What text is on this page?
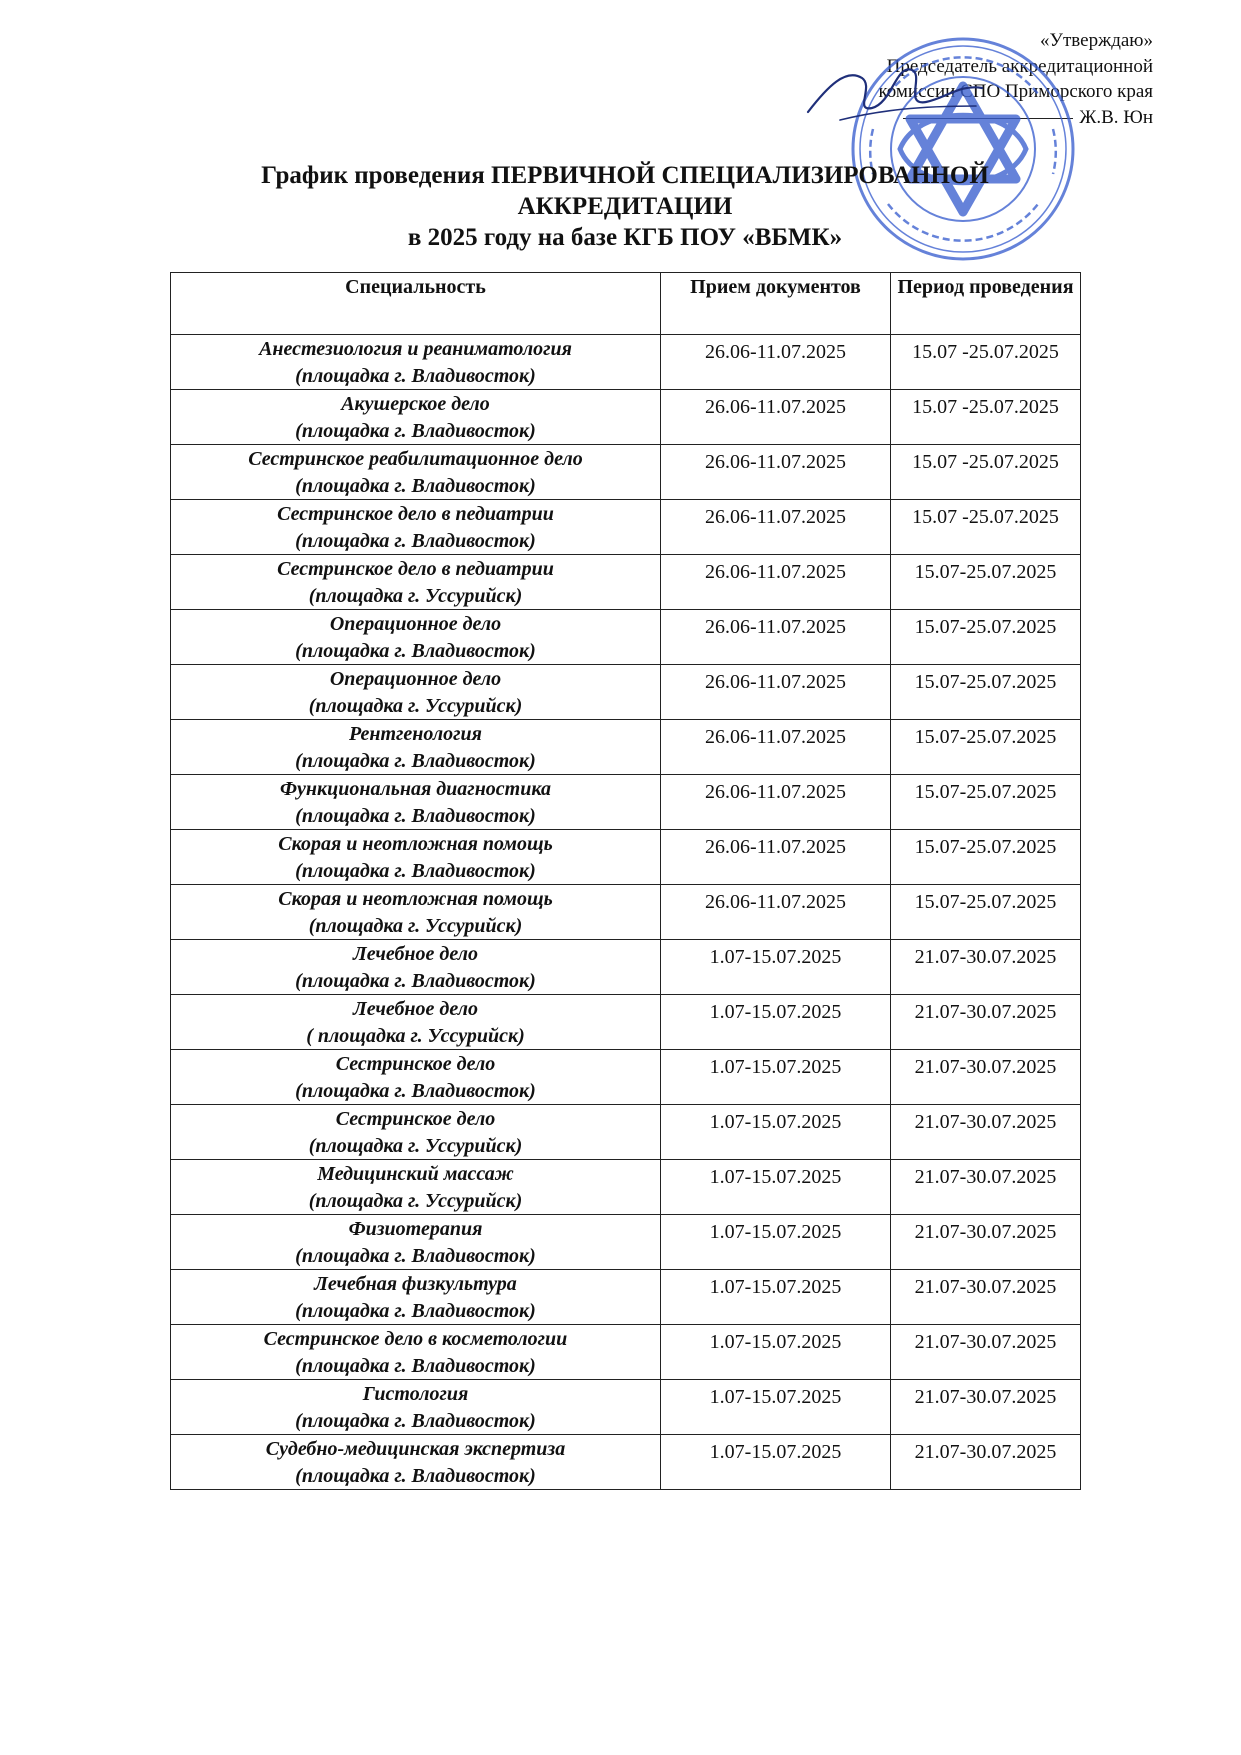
«Утверждаю»
Председатель аккредитационной
комиссии СПО Приморского края
Ж.В. Юн
График проведения ПЕРВИЧНОЙ СПЕЦИАЛИЗИРОВАННОЙ
АККРЕДИТАЦИИ
в 2025 году на базе КГБ ПОУ «ВБМК»
Специальность	Прием документов	Период проведения

Анестезиология и реаниматология
(площадка г. Владивосток)	26.06-11.07.2025	15.07 -25.07.2025

Акушерское дело
(площадка г. Владивосток)	26.06-11.07.2025	15.07 -25.07.2025

Сестринское реабилитационное дело
(площадка г. Владивосток)	26.06-11.07.2025	15.07 -25.07.2025

Сестринское дело в педиатрии
(площадка г. Владивосток)	26.06-11.07.2025	15.07 -25.07.2025

Сестринское дело в педиатрии
(площадка г. Уссурийск)	26.06-11.07.2025	15.07-25.07.2025

Операционное дело
(площадка г. Владивосток)	26.06-11.07.2025	15.07-25.07.2025

Операционное дело
(площадка г. Уссурийск)	26.06-11.07.2025	15.07-25.07.2025

Рентгенология
(площадка г. Владивосток)	26.06-11.07.2025	15.07-25.07.2025

Функциональная диагностика
(площадка г. Владивосток)	26.06-11.07.2025	15.07-25.07.2025

Скорая и неотложная помощь
(площадка г. Владивосток)	26.06-11.07.2025	15.07-25.07.2025

Скорая и неотложная помощь
(площадка г. Уссурийск)	26.06-11.07.2025	15.07-25.07.2025

Лечебное дело
(площадка г. Владивосток)	1.07-15.07.2025	21.07-30.07.2025

Лечебное дело
( площадка г. Уссурийск)	1.07-15.07.2025	21.07-30.07.2025

Сестринское дело
(площадка г. Владивосток)	1.07-15.07.2025	21.07-30.07.2025

Сестринское дело
(площадка г. Уссурийск)	1.07-15.07.2025	21.07-30.07.2025

Медицинский массаж
(площадка г. Уссурийск)	1.07-15.07.2025	21.07-30.07.2025

Физиотерапия
(площадка г. Владивосток)	1.07-15.07.2025	21.07-30.07.2025

Лечебная физкультура
(площадка г. Владивосток)	1.07-15.07.2025	21.07-30.07.2025

Сестринское дело в косметологии
(площадка г. Владивосток)	1.07-15.07.2025	21.07-30.07.2025

Гистология
(площадка г. Владивосток)	1.07-15.07.2025	21.07-30.07.2025

Судебно-медицинская экспертиза
(площадка г. Владивосток)	1.07-15.07.2025	21.07-30.07.2025
